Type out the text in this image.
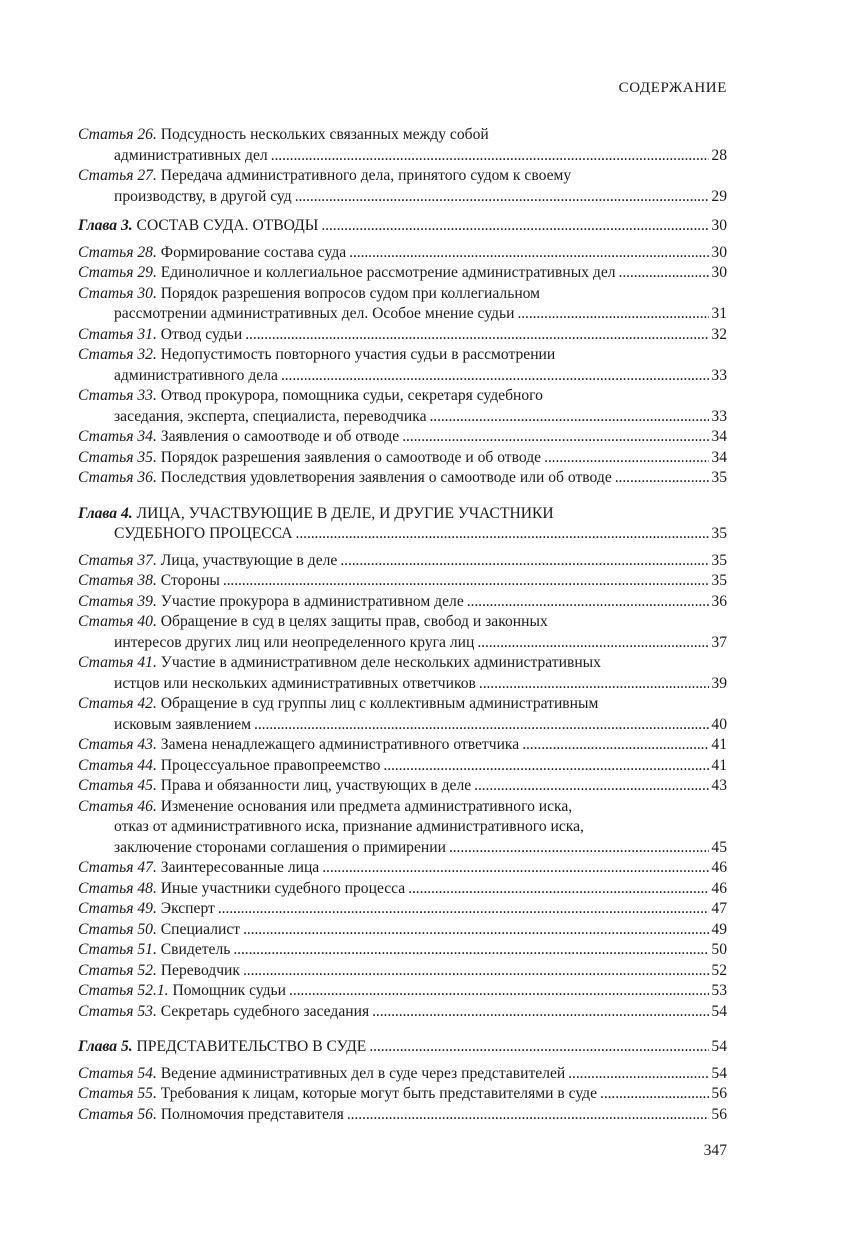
СОДЕРЖАНИЕ
Статья 26. Подсудность нескольких связанных между собой
административных дел . . .	28
Статья 27. Передача административного дела, принятого судом к своему
производству, в другой суд . . .	29
Глава 3. СОСТАВ СУДА. ОТВОДЫ . . .	30
Статья 28. Формирование состава суда . . .	30
Статья 29. Единоличное и коллегиальное рассмотрение административных дел . . .	30
Статья 30. Порядок разрешения вопросов судом при коллегиальном
рассмотрении административных дел. Особое мнение судьи . . .	31
Статья 31. Отвод судьи . . .	32
Статья 32. Недопустимость повторного участия судьи в рассмотрении
административного дела . . .	33
Статья 33. Отвод прокурора, помощника судьи, секретаря судебного
заседания, эксперта, специалиста, переводчика . . .	33
Статья 34. Заявления о самоотводе и об отводе . . .	34
Статья 35. Порядок разрешения заявления о самоотводе и об отводе . . .	34
Статья 36. Последствия удовлетворения заявления о самоотводе или об отводе . . .	35
Глава 4. ЛИЦА, УЧАСТВУЮЩИЕ В ДЕЛЕ, И ДРУГИЕ УЧАСТНИКИ
СУДЕБНОГО ПРОЦЕССА . . .	35
Статья 37. Лица, участвующие в деле . . .	35
Статья 38. Стороны . . .	35
Статья 39. Участие прокурора в административном деле . . .	36
Статья 40. Обращение в суд в целях защиты прав, свобод и законных
интересов других лиц или неопределенного круга лиц . . .	37
Статья 41. Участие в административном деле нескольких административных
истцов или нескольких административных ответчиков . . .	39
Статья 42. Обращение в суд группы лиц с коллективным административным
исковым заявлением . . .	40
Статья 43. Замена ненадлежащего административного ответчика . . .	41
Статья 44. Процессуальное правопреемство . . .	41
Статья 45. Права и обязанности лиц, участвующих в деле . . .	43
Статья 46. Изменение основания или предмета административного иска,
отказ от административного иска, признание административного иска,
заключение сторонами соглашения о примирении . . .	45
Статья 47. Заинтересованные лица . . .	46
Статья 48. Иные участники судебного процесса . . .	46
Статья 49. Эксперт . . .	47
Статья 50. Специалист . . .	49
Статья 51. Свидетель . . .	50
Статья 52. Переводчик . . .	52
Статья 52.1. Помощник судьи . . .	53
Статья 53. Секретарь судебного заседания . . .	54
Глава 5. ПРЕДСТАВИТЕЛЬСТВО В СУДЕ . . .	54
Статья 54. Ведение административных дел в суде через представителей . . .	54
Статья 55. Требования к лицам, которые могут быть представителями в суде . . .	56
Статья 56. Полномочия представителя . . .	56
347
